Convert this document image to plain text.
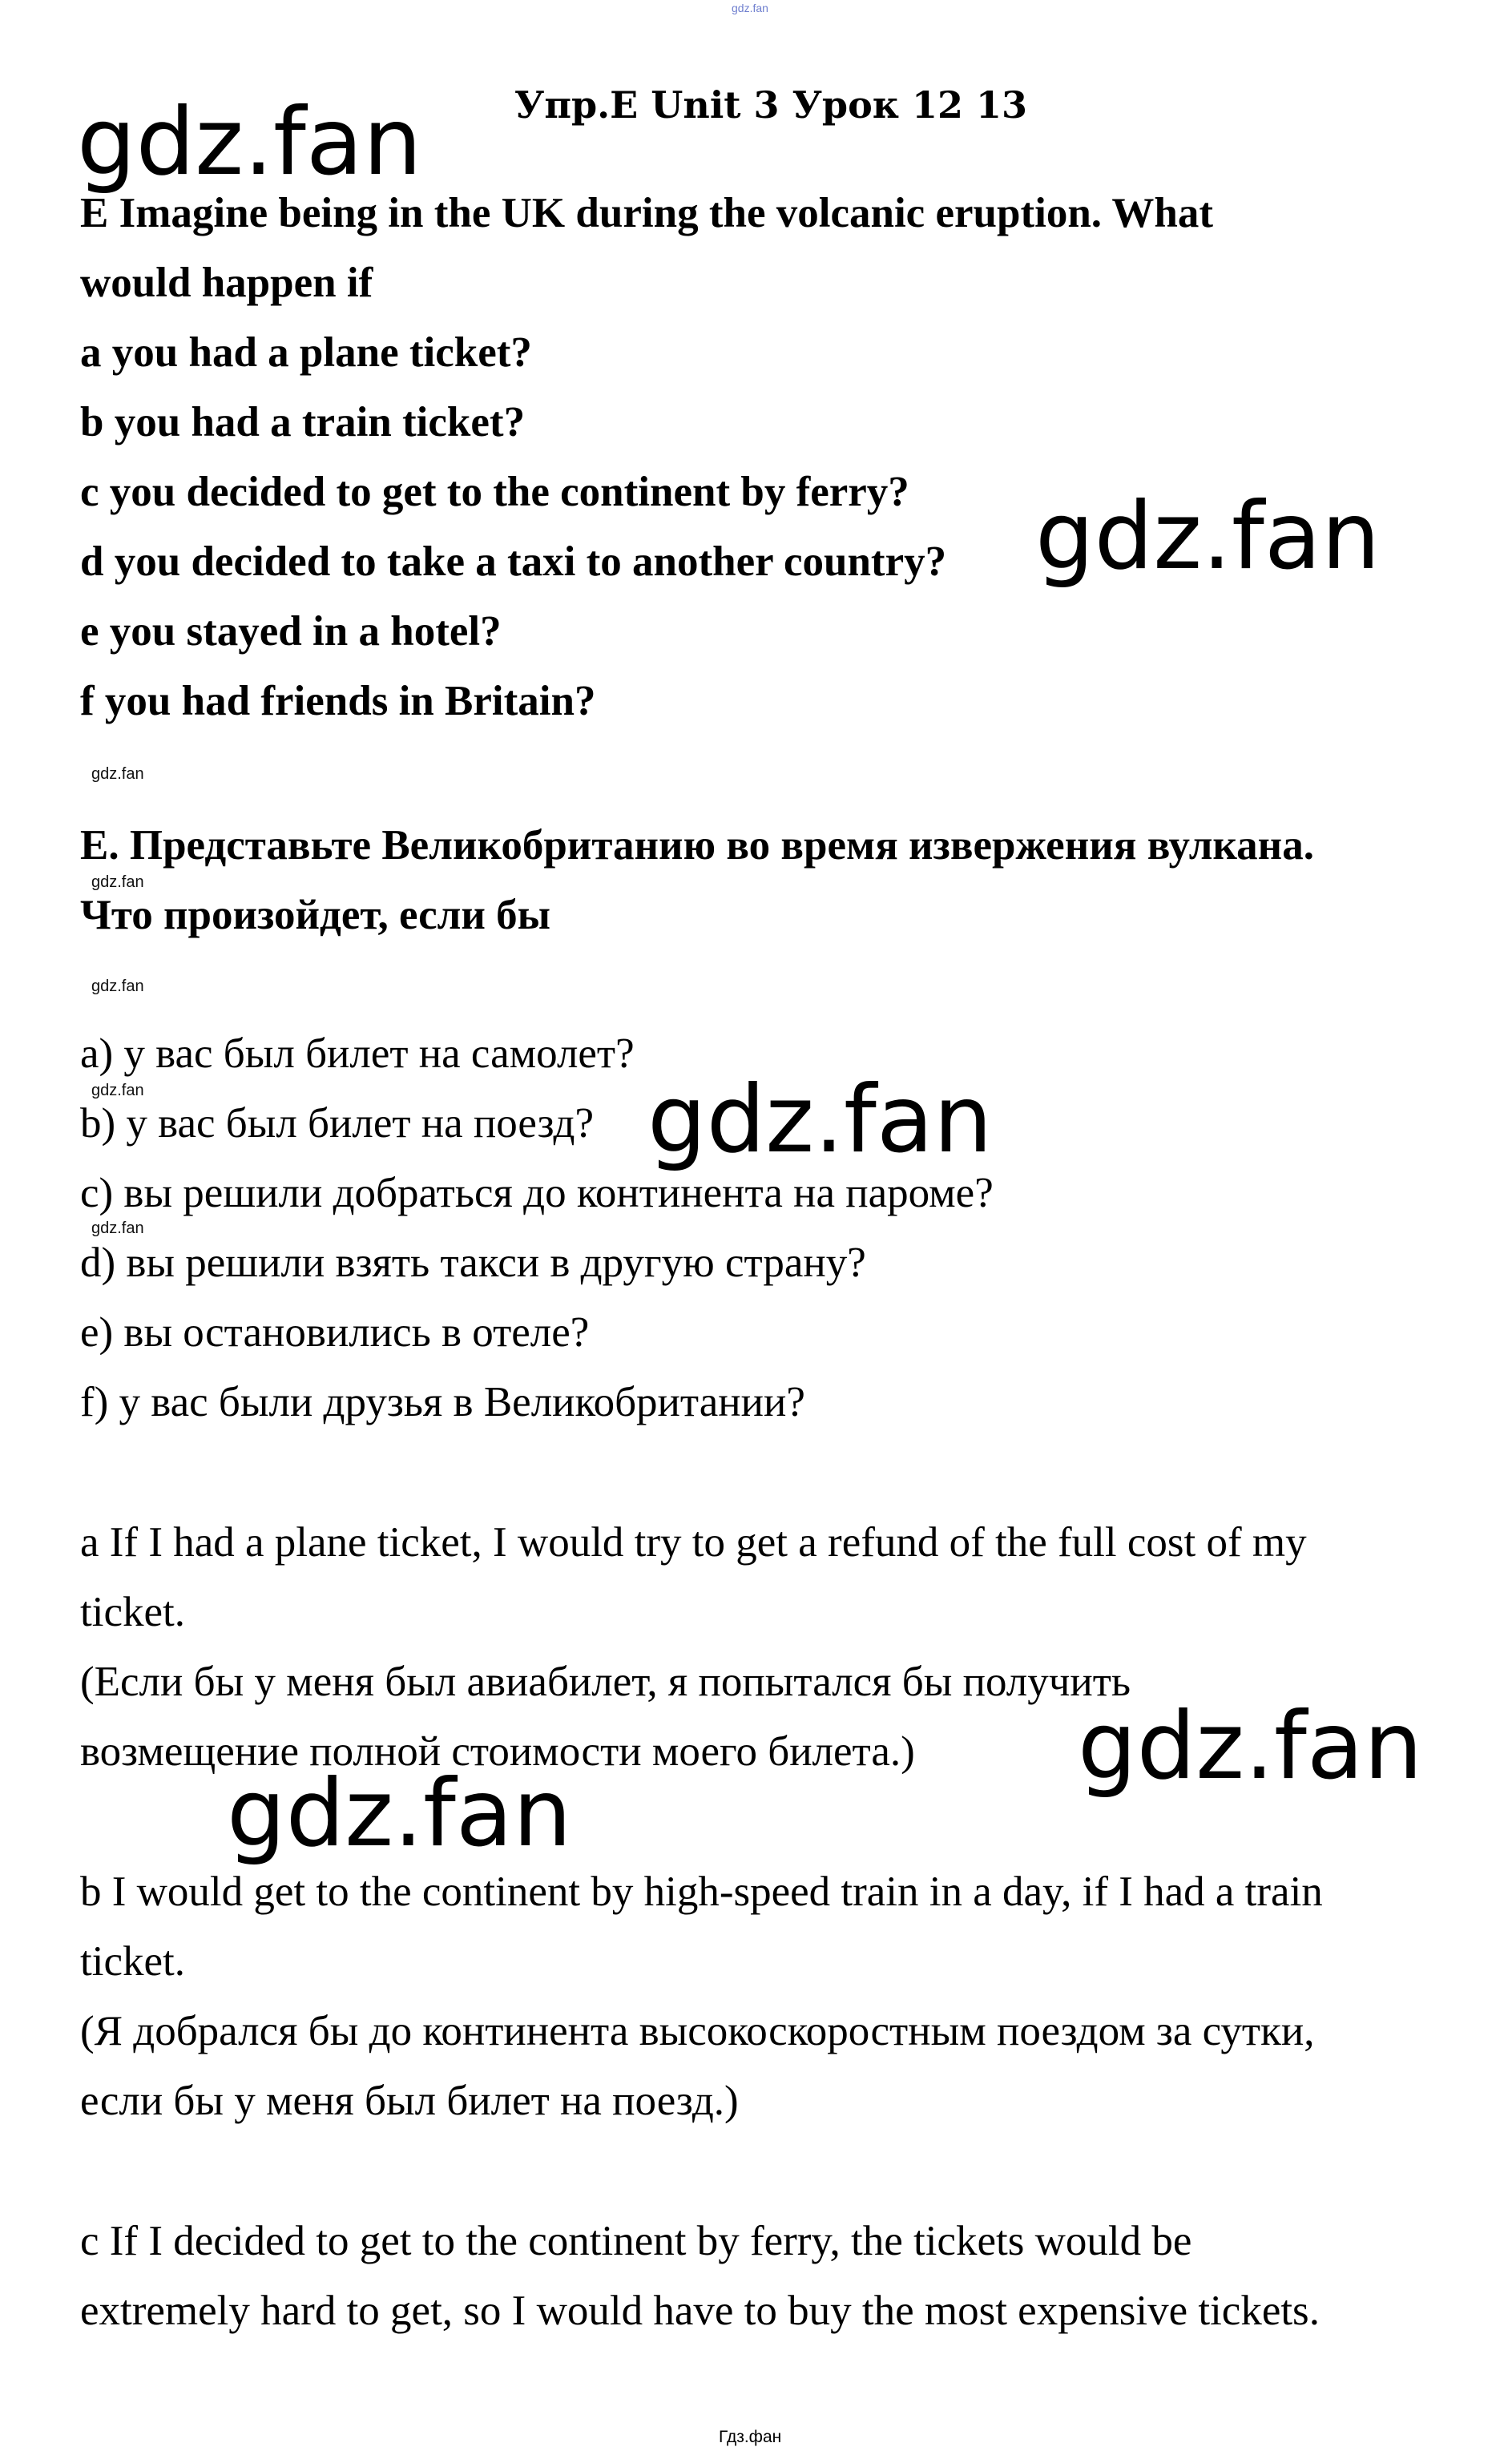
gdz.fan
gdz.fan	Упр.E Unit 3 Урок 12 13
E Imagine being in the UK during the volcanic eruption. What
would happen if
a you had a plane ticket?
b you had a train ticket?
c you decided to get to the continent by ferry?
d you decided to take a taxi to another country?
e you stayed in a hotel?
f you had friends in Britain?
gdz.fan
gdz.fan
E. Представьте Великобританию во время извержения вулкана.
gdz.fan
Что произойдет, если бы
gdz.fan
a) у вас был билет на самолет?
gdz.fan
b) у вас был билет на поезд? gdz.fan
c) вы решили добраться до континента на пароме?
gdz.fan
d) вы решили взять такси в другую страну?
e) вы остановились в отеле?
f) у вас были друзья в Великобритании?
a If I had a plane ticket, I would try to get a refund of the full cost of my
ticket.
(Если бы у меня был авиабилет, я попытался бы получить
возмещение полной стоимости моего билета.) gdz.fan
gdz.fan
b I would get to the continent by high-speed train in a day, if I had a train
ticket.
(Я добрался бы до континента высокоскоростным поездом за сутки,
если бы у меня был билет на поезд.)
c If I decided to get to the continent by ferry, the tickets would be
extremely hard to get, so I would have to buy the most expensive tickets.
Гдз.фан
